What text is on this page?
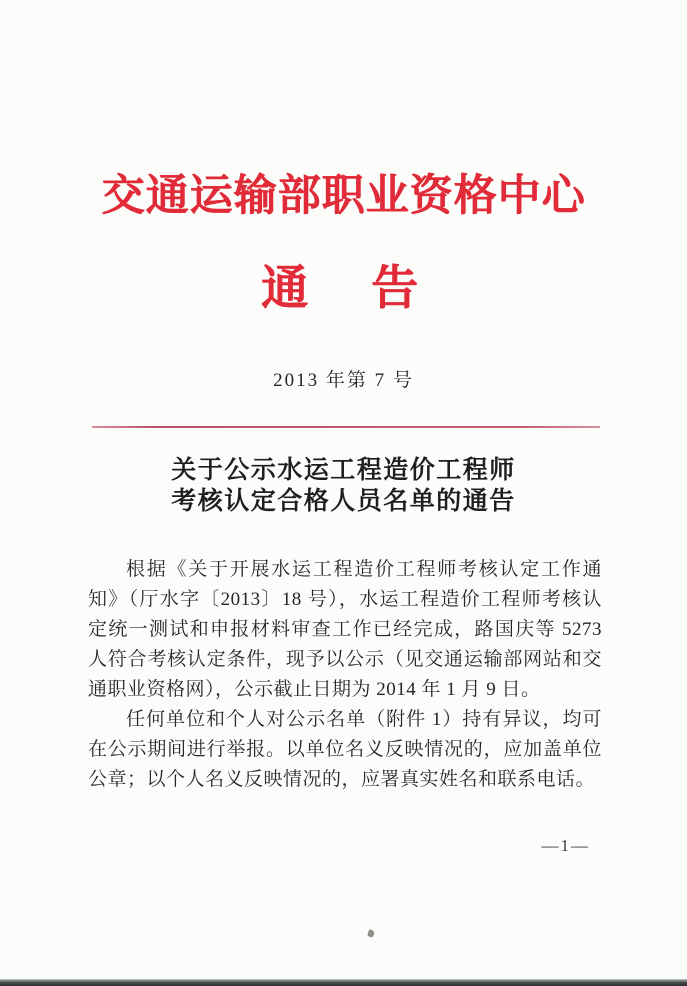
交通运输部职业资格中心
通　告
2013 年第 7 号
关于公示水运工程造价工程师
考核认定合格人员名单的通告

根据《关于开展水运工程造价工程师考核认定工作通知》（厅水字〔2013〕18 号），水运工程造价工程师考核认定统一测试和申报材料审查工作已经完成，路国庆等 5273 人符合考核认定条件，现予以公示（见交通运输部网站和交通职业资格网），公示截止日期为 2014 年 1 月 9 日。

任何单位和个人对公示名单（附件 1）持有异议，均可在公示期间进行举报。以单位名义反映情况的，应加盖单位公章；以个人名义反映情况的，应署真实姓名和联系电话。

—1—
